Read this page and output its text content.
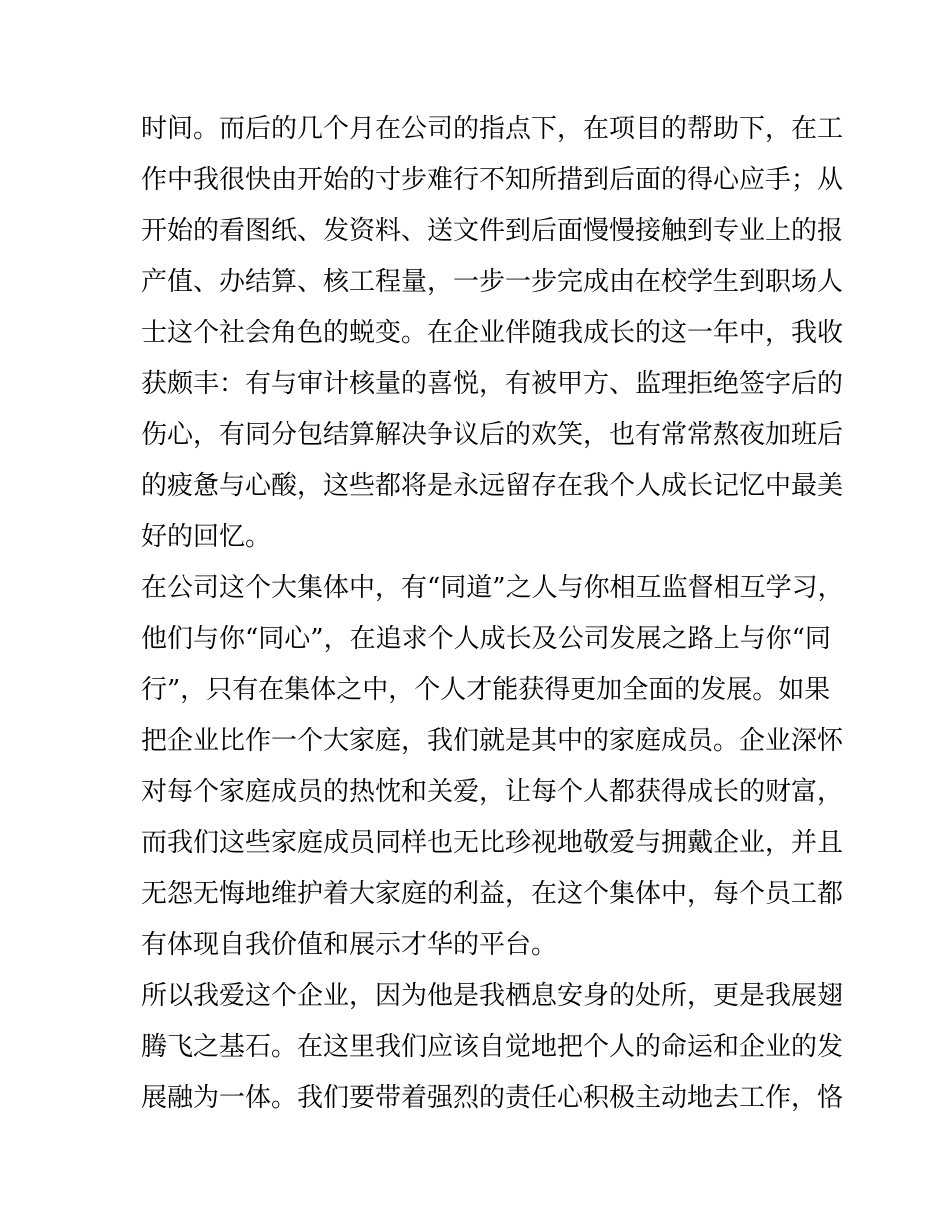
时间。而后的几个月在公司的指点下，在项目的帮助下，在工
作中我很快由开始的寸步难行不知所措到后面的得心应手；从
开始的看图纸、发资料、送文件到后面慢慢接触到专业上的报
产值、办结算、核工程量，一步一步完成由在校学生到职场人
士这个社会角色的蜕变。在企业伴随我成长的这一年中，我收
获颇丰：有与审计核量的喜悦，有被甲方、监理拒绝签字后的
伤心，有同分包结算解决争议后的欢笑，也有常常熬夜加班后
的疲惫与心酸，这些都将是永远留存在我个人成长记忆中最美
好的回忆。
在公司这个大集体中，有“同道”之人与你相互监督相互学习，
他们与你“同心”，在追求个人成长及公司发展之路上与你“同
行”，只有在集体之中，个人才能获得更加全面的发展。如果
把企业比作一个大家庭，我们就是其中的家庭成员。企业深怀
对每个家庭成员的热忱和关爱，让每个人都获得成长的财富，
而我们这些家庭成员同样也无比珍视地敬爱与拥戴企业，并且
无怨无悔地维护着大家庭的利益，在这个集体中，每个员工都
有体现自我价值和展示才华的平台。
所以我爱这个企业，因为他是我栖息安身的处所，更是我展翅
腾飞之基石。在这里我们应该自觉地把个人的命运和企业的发
展融为一体。我们要带着强烈的责任心积极主动地去工作，恪
